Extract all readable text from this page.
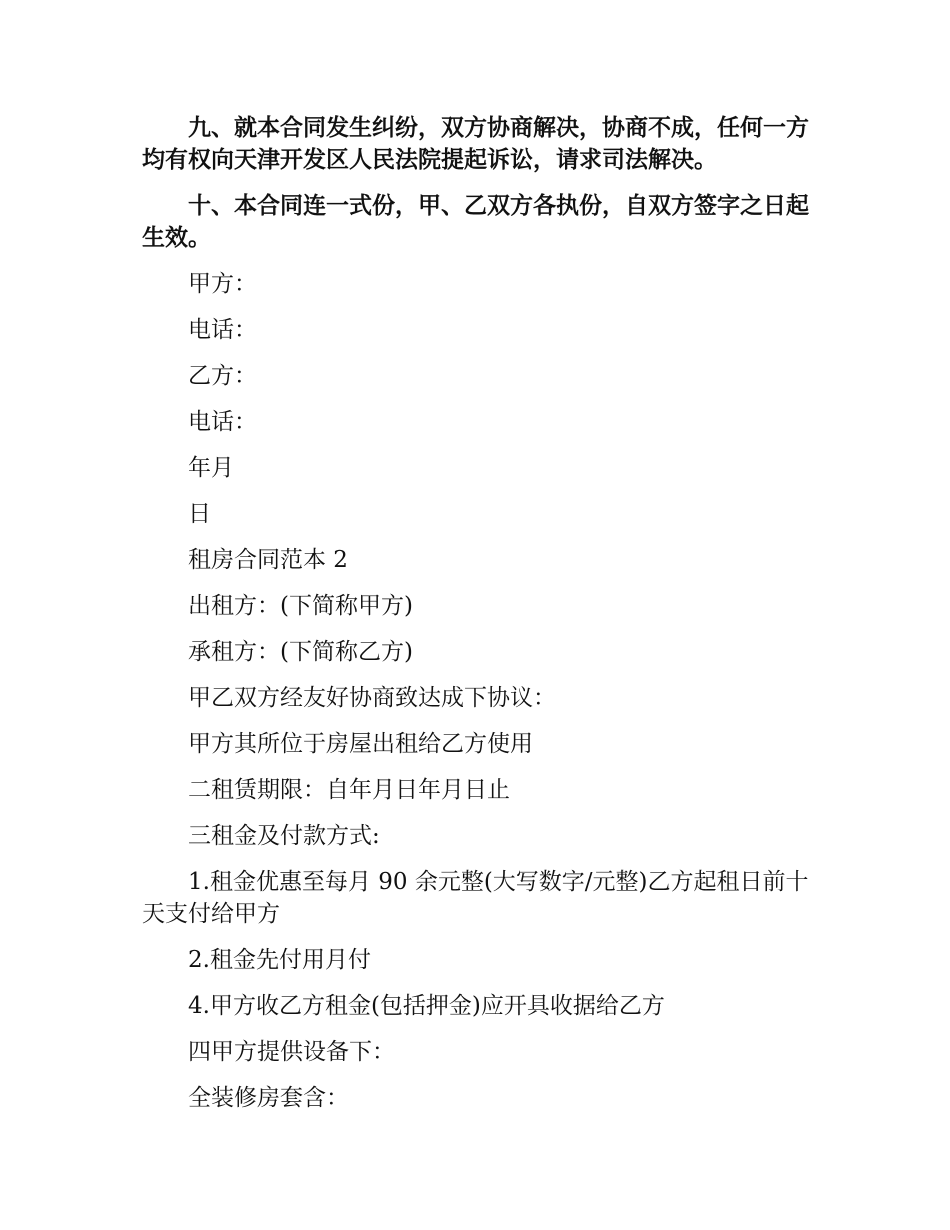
九、就本合同发生纠纷，双方协商解决，协商不成，任何一方均有权向天津开发区人民法院提起诉讼，请求司法解决。

十、本合同连一式份，甲、乙双方各执份，自双方签字之日起生效。

甲方：

电话：

乙方：

电话：

年月

日

租房合同范本 2

出租方：(下简称甲方)

承租方：(下简称乙方)

甲乙双方经友好协商致达成下协议：

甲方其所位于房屋出租给乙方使用

二租赁期限：自年月日年月日止

三租金及付款方式:

1.租金优惠至每月 90 余元整(大写数字/元整)乙方起租日前十天支付给甲方

2.租金先付用月付

4.甲方收乙方租金(包括押金)应开具收据给乙方

四甲方提供设备下：

全装修房套含：
